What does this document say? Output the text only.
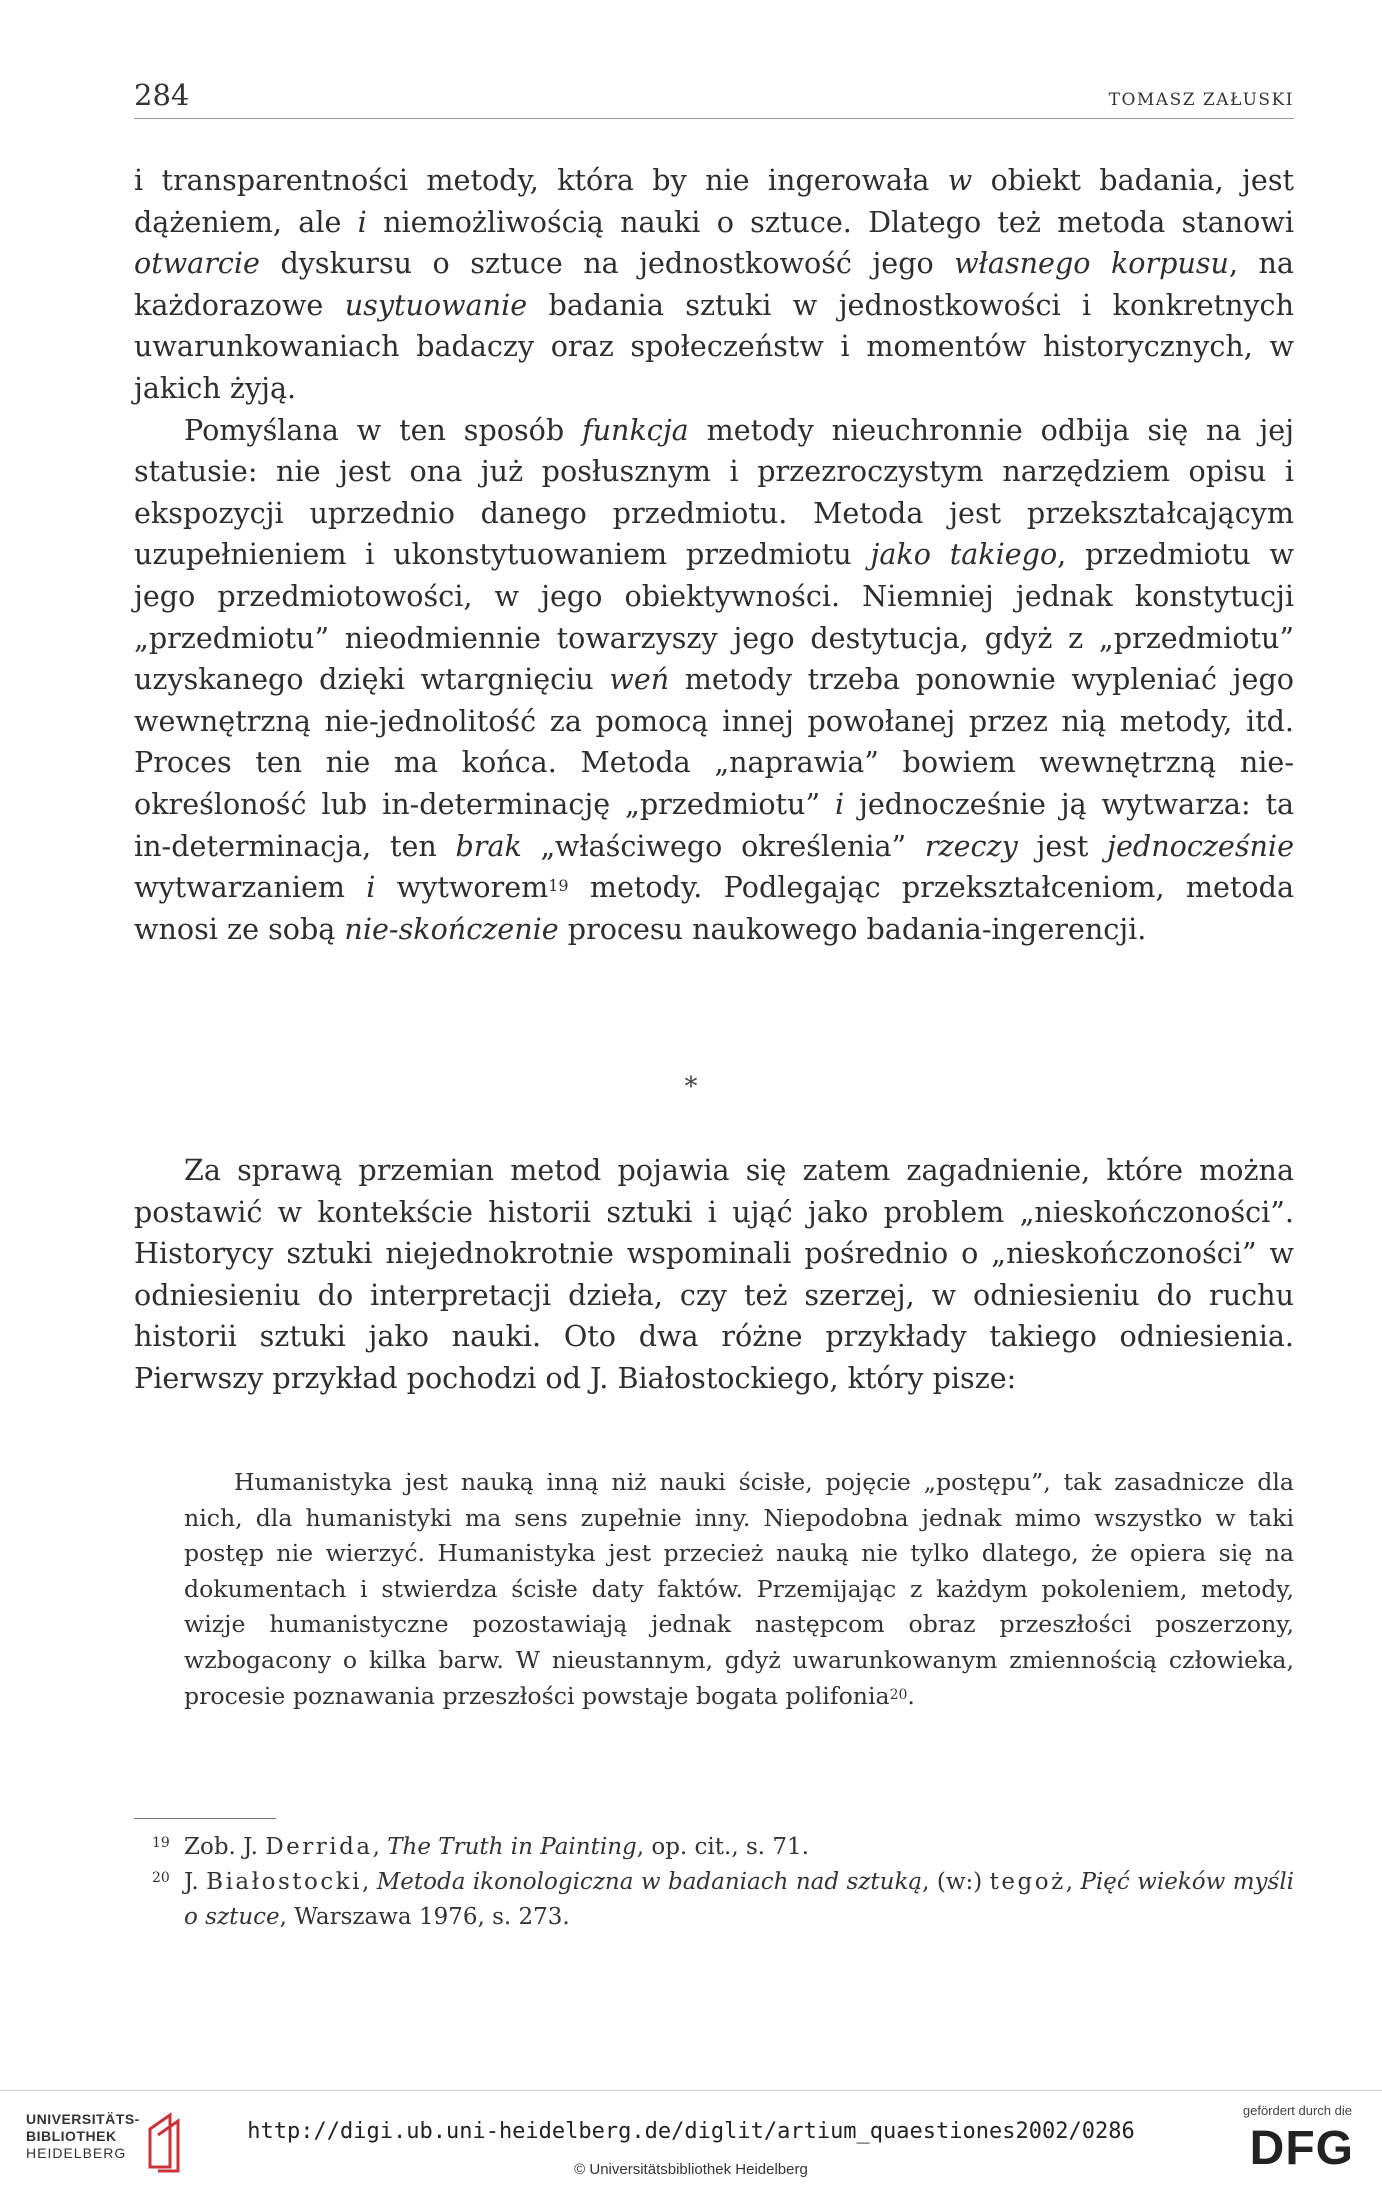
284	TOMASZ ZAŁUSKI

i transparentności metody, która by nie ingerowała w obiekt badania, jest dążeniem, ale i niemożliwością nauki o sztuce. Dlatego też metoda stanowi otwarcie dyskursu o sztuce na jednostkowość jego własnego korpusu, na każdorazowe usytuowanie badania sztuki w jednostkowości i konkretnych uwarunkowaniach badaczy oraz społeczeństw i momentów historycznych, w jakich żyją.

Pomyślana w ten sposób funkcja metody nieuchronnie odbija się na jej statusie: nie jest ona już posłusznym i przezroczystym narzędziem opisu i ekspozycji uprzednio danego przedmiotu. Metoda jest przekształcającym uzupełnieniem i ukonstytuowaniem przedmiotu jako takiego, przedmiotu w jego przedmiotowości, w jego obiektywności. Niemniej jednak konstytucji „przedmiotu” nieodmiennie towarzyszy jego destytucja, gdyż z „przedmiotu” uzyskanego dzięki wtargnięciu weń metody trzeba ponownie wypleniać jego wewnętrzną nie-jednolitość za pomocą innej powołanej przez nią metody, itd. Proces ten nie ma końca. Metoda „naprawia” bowiem wewnętrzną nie-określoność lub in-determinację „przedmiotu” i jednocześnie ją wytwarza: ta in-determinacja, ten brak „właściwego określenia” rzeczy jest jednocześnie wytwarzaniem i wytworem$^{19}$ metody. Podlegając przekształceniom, metoda wnosi ze sobą nie-skończenie procesu naukowego badania-ingerencji.

*

Za sprawą przemian metod pojawia się zatem zagadnienie, które można postawić w kontekście historii sztuki i ująć jako problem „nieskończoności”. Historycy sztuki niejednokrotnie wspominali pośrednio o „nieskończoności” w odniesieniu do interpretacji dzieła, czy też szerzej, w odniesieniu do ruchu historii sztuki jako nauki. Oto dwa różne przykłady takiego odniesienia. Pierwszy przykład pochodzi od J. Białostockiego, który pisze:

Humanistyka jest nauką inną niż nauki ścisłe, pojęcie „postępu”, tak zasadnicze dla nich, dla humanistyki ma sens zupełnie inny. Niepodobna jednak mimo wszystko w taki postęp nie wierzyć. Humanistyka jest przecież nauką nie tylko dlatego, że opiera się na dokumentach i stwierdza ścisłe daty faktów. Przemijając z każdym pokoleniem, metody, wizje humanistyczne pozostawiają jednak następcom obraz przeszłości poszerzony, wzbogacony o kilka barw. W nieustannym, gdyż uwarunkowanym zmiennością człowieka, procesie poznawania przeszłości powstaje bogata polifonia$^{20}$.

$^{19}$ Zob. J. Derrida, The Truth in Painting, op. cit., s. 71.

$^{20}$ J. Białostocki, Metoda ikonologiczna w badaniach nad sztuką, (w:) tegoż, Pięć wieków myśli o sztuce, Warszawa 1976, s. 273.

UNIVERSITÄTS-
BIBLIOTHEK
HEIDELBERG
http://digi.ub.uni-heidelberg.de/diglit/artium_quaestiones2002/0286
© Universitätsbibliothek Heidelberg
gefördert durch die
DFG
